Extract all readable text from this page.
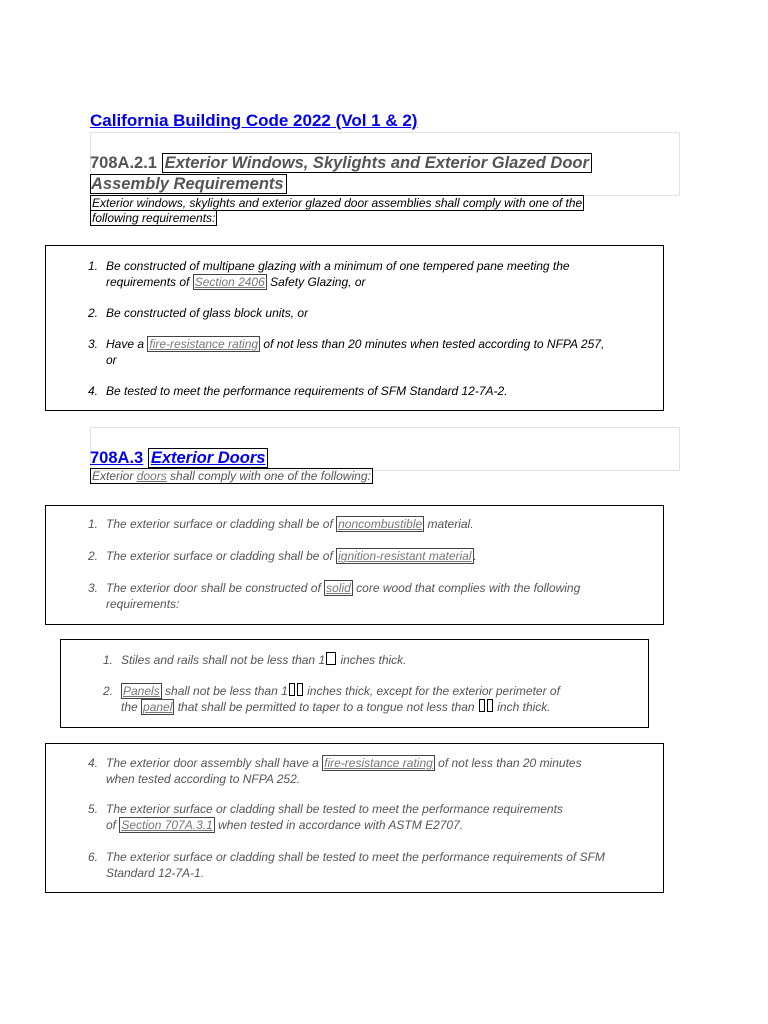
California Building Code 2022 (Vol 1 & 2)
708A.2.1 Exterior Windows, Skylights and Exterior Glazed Door
Assembly Requirements
Exterior windows, skylights and exterior glazed door assemblies shall comply with one of the
following requirements:
1. Be constructed of multipane glazing with a minimum of one tempered pane meeting the
requirements of Section 2406 Safety Glazing, or
2. Be constructed of glass block units, or
3. Have a fire-resistance rating of not less than 20 minutes when tested according to NFPA 257,
or
4. Be tested to meet the performance requirements of SFM Standard 12-7A-2.
708A.3 Exterior Doors
Exterior doors shall comply with one of the following:
1. The exterior surface or cladding shall be of noncombustible material.
2. The exterior surface or cladding shall be of ignition-resistant material .
3. The exterior door shall be constructed of solid core wood that complies with the following
requirements:
1. Stiles and rails shall not be less than 1 inches thick.
2. Panels shall not be less than 1 inches thick, except for the exterior perimeter of
the panel that shall be permitted to taper to a tongue not less than  inch thick.
4. The exterior door assembly shall have a fire-resistance rating of not less than 20 minutes
when tested according to NFPA 252.
5. The exterior surface or cladding shall be tested to meet the performance requirements
of Section 707A.3.1 when tested in accordance with ASTM E2707.
6. The exterior surface or cladding shall be tested to meet the performance requirements of SFM
Standard 12-7A-1.
